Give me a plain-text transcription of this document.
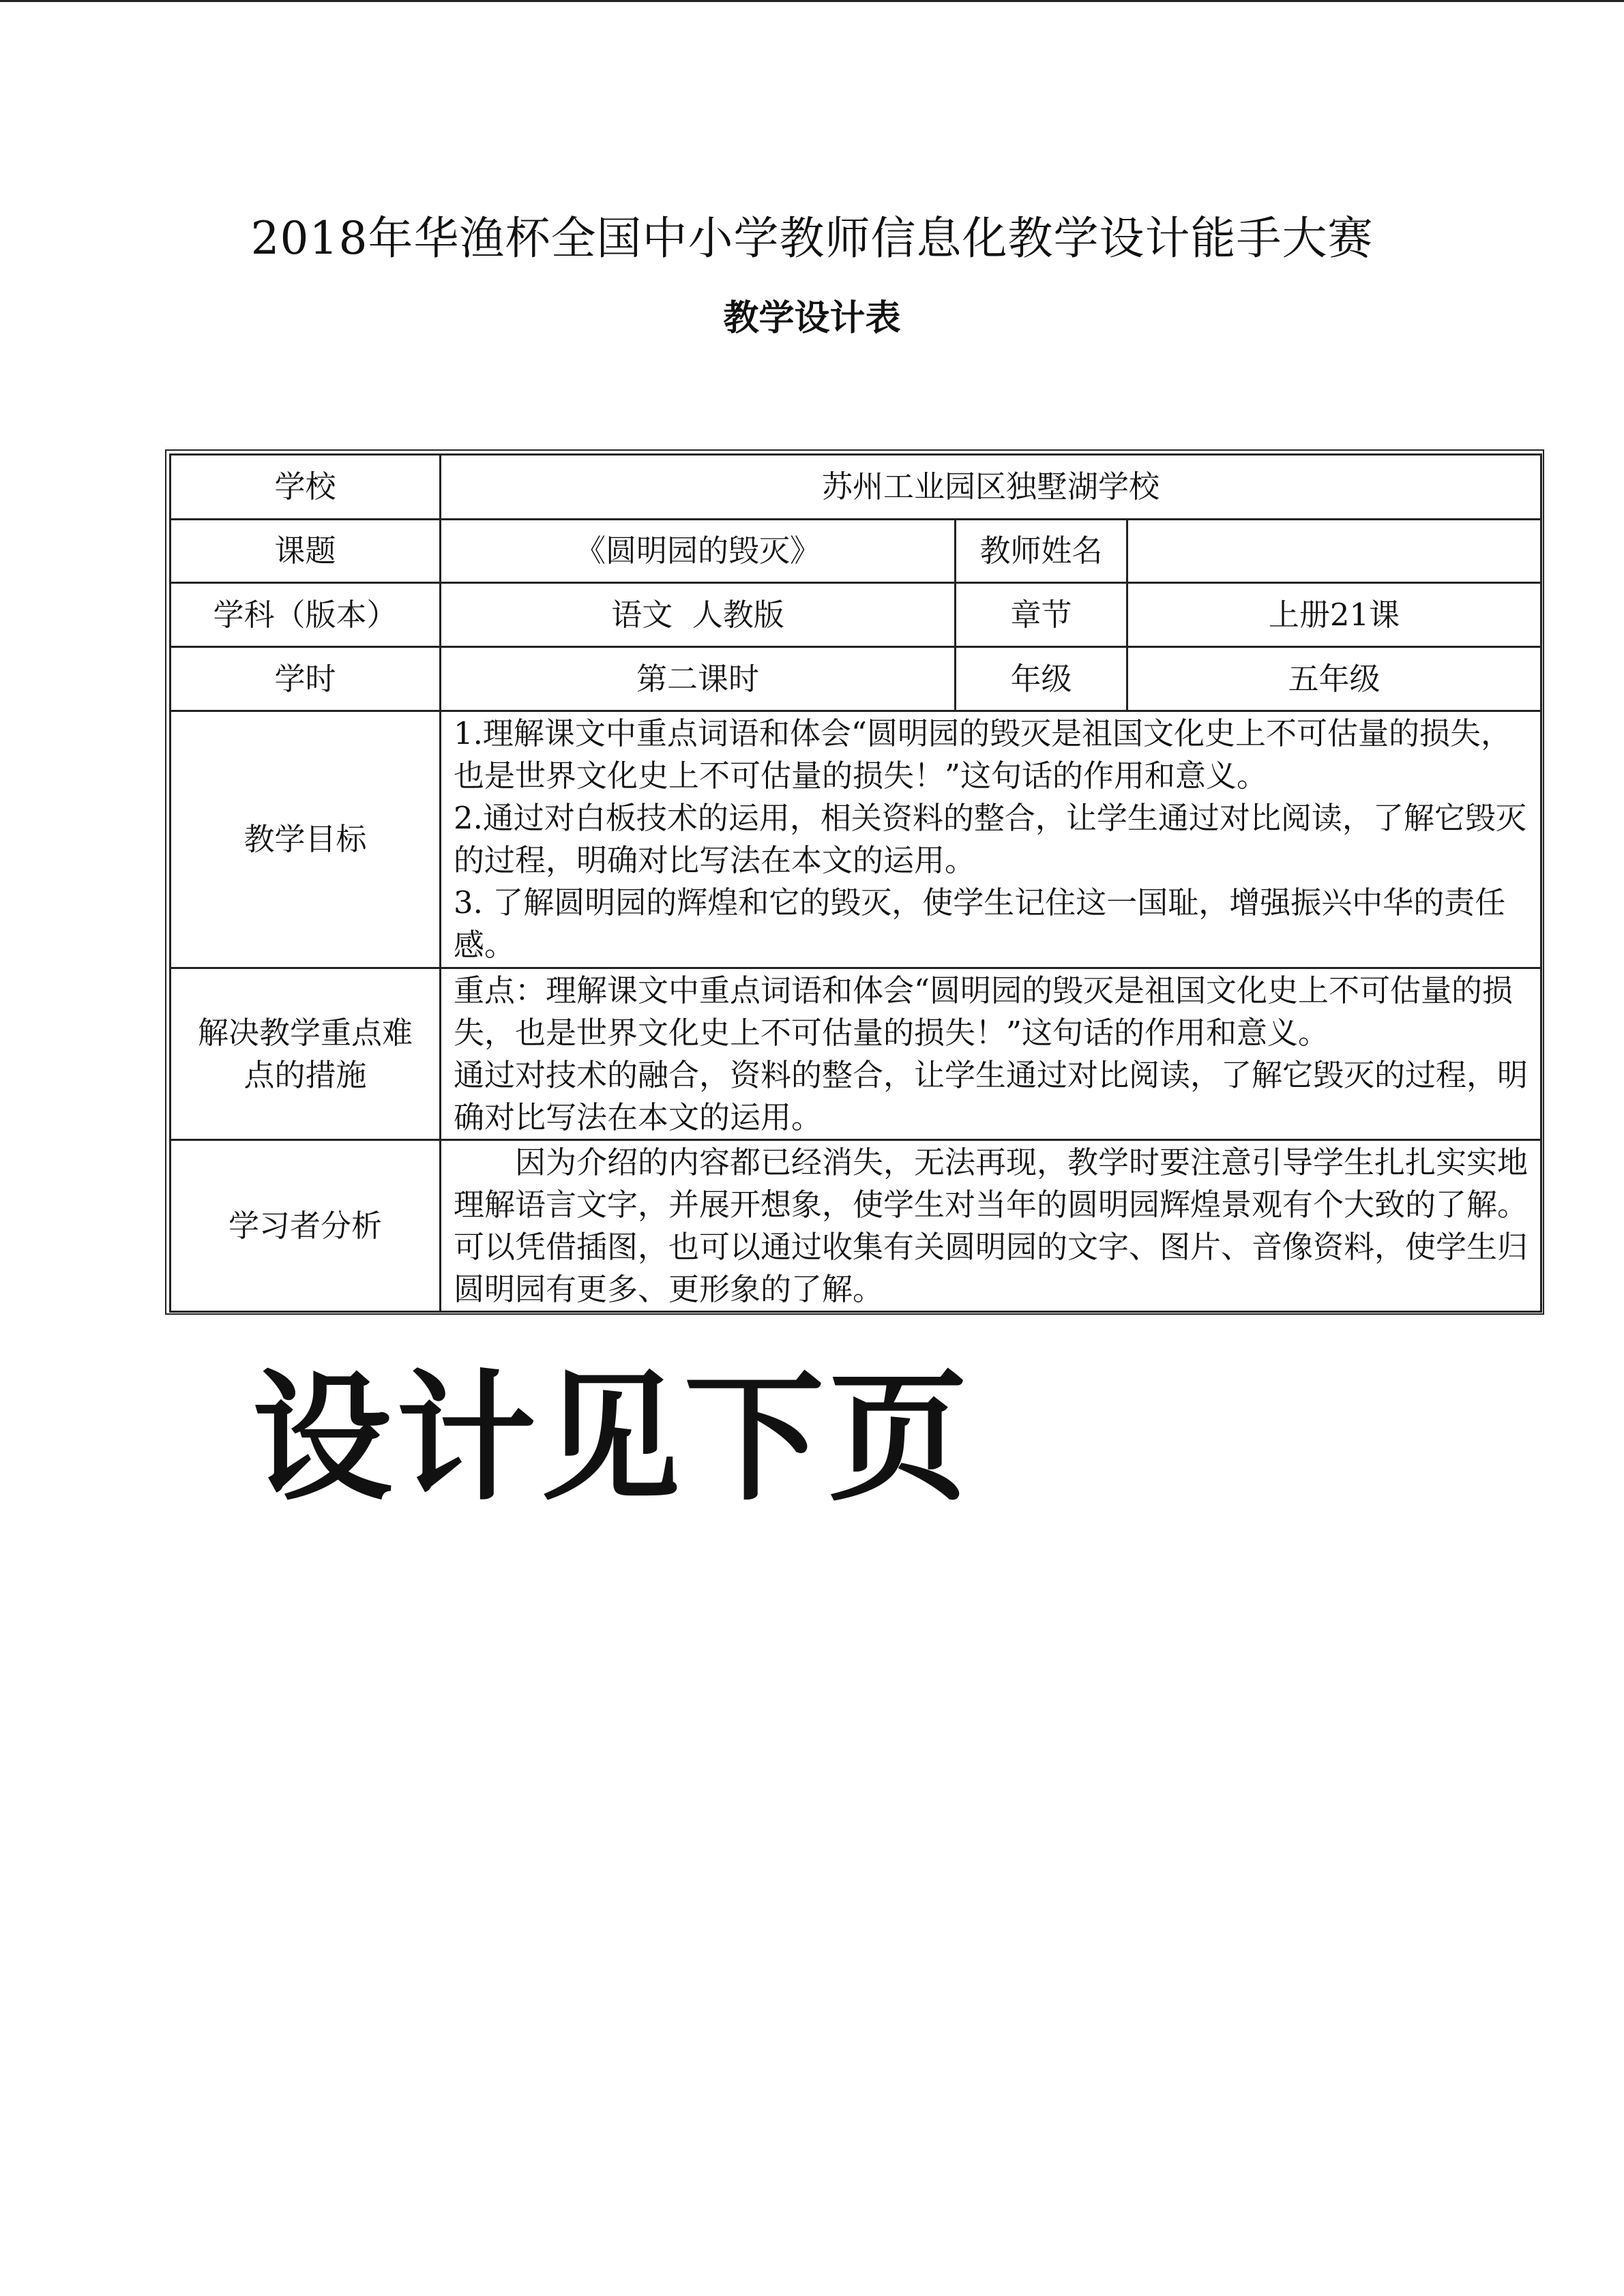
2018年华渔杯全国中小学教师信息化教学设计能手大赛
教学设计表
学校	苏州工业园区独墅湖学校		
课题	《圆明园的毁灭》	教师姓名	
学科（版本）	语文  人教版	章节	上册21课
学时	第二课时	年级	五年级
教学目标	1.理解课文中重点词语和体会“圆明园的毁灭是祖国文化史上不可估量的损失，也是世界文化史上不可估量的损失！”这句话的作用和意义。
2.通过对白板技术的运用，相关资料的整合，让学生通过对比阅读，了解它毁灭的过程，明确对比写法在本文的运用。
3. 了解圆明园的辉煌和它的毁灭，使学生记住这一国耻，增强振兴中华的责任感。		

解决教学重点难点的措施	重点：理解课文中重点词语和体会“圆明园的毁灭是祖国文化史上不可估量的损失，也是世界文化史上不可估量的损失！”这句话的作用和意义。
通过对技术的融合，资料的整合，让学生通过对比阅读，了解它毁灭的过程，明确对比写法在本文的运用。		

学习者分析	因为介绍的内容都已经消失，无法再现，教学时要注意引导学生扎扎实实地理解语言文字，并展开想象，使学生对当年的圆明园辉煌景观有个大致的了解。可以凭借插图，也可以通过收集有关圆明园的文字、图片、音像资料，使学生归圆明园有更多、更形象的了解。		
设计见下页
